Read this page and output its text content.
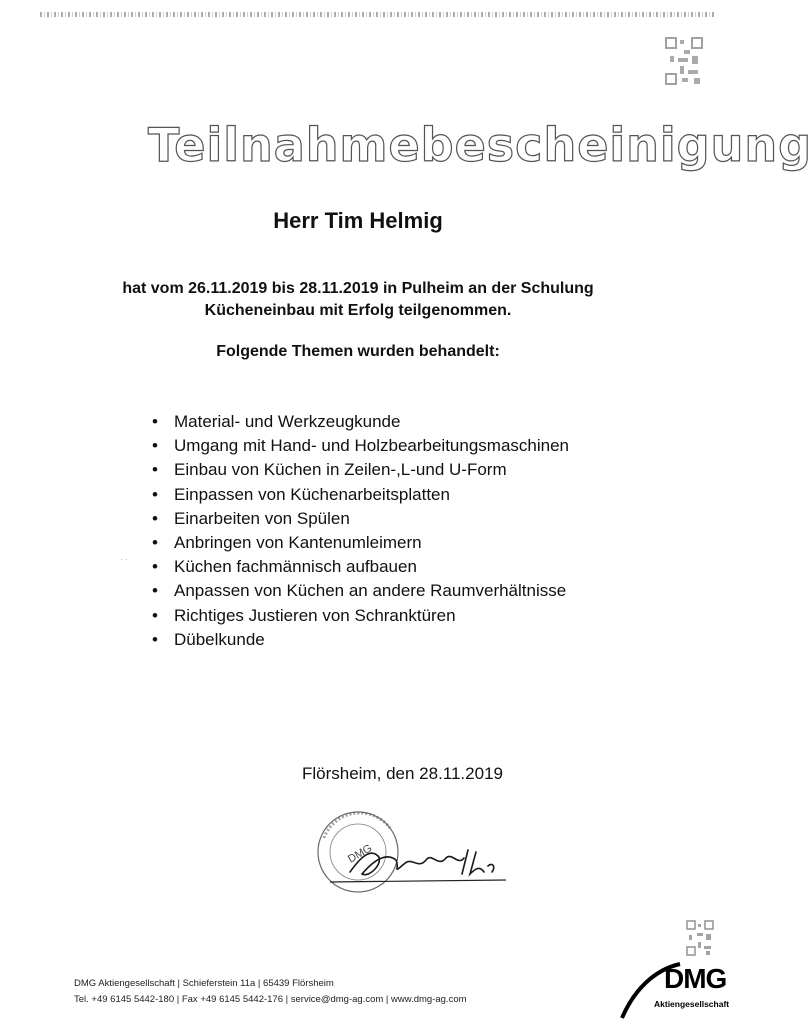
Teilnahmebescheinigung
Herr Tim Helmig
hat vom 26.11.2019 bis 28.11.2019 in Pulheim an der Schulung
Kücheneinbau mit Erfolg teilgenommen.
Folgende Themen wurden behandelt:
• Material- und Werkzeugkunde
• Umgang mit Hand- und Holzbearbeitungsmaschinen
• Einbau von Küchen in Zeilen-,L-und U-Form
• Einpassen von Küchenarbeitsplatten
• Einarbeiten von Spülen
• Anbringen von Kantenumleimern
• Küchen fachmännisch aufbauen
• Anpassen von Küchen an andere Raumverhältnisse
• Richtiges Justieren von Schranktüren
• Dübelkunde
· ·
Flörsheim, den 28.11.2019
DMG
Albrecht i.A.
DMG Aktiengesellschaft | Schieferstein 11a | 65439 Flörsheim
Tel. +49 6145 5442-180 | Fax +49 6145 5442-176 | service@dmg-ag.com | www.dmg-ag.com
DMG
Aktiengesellschaft
